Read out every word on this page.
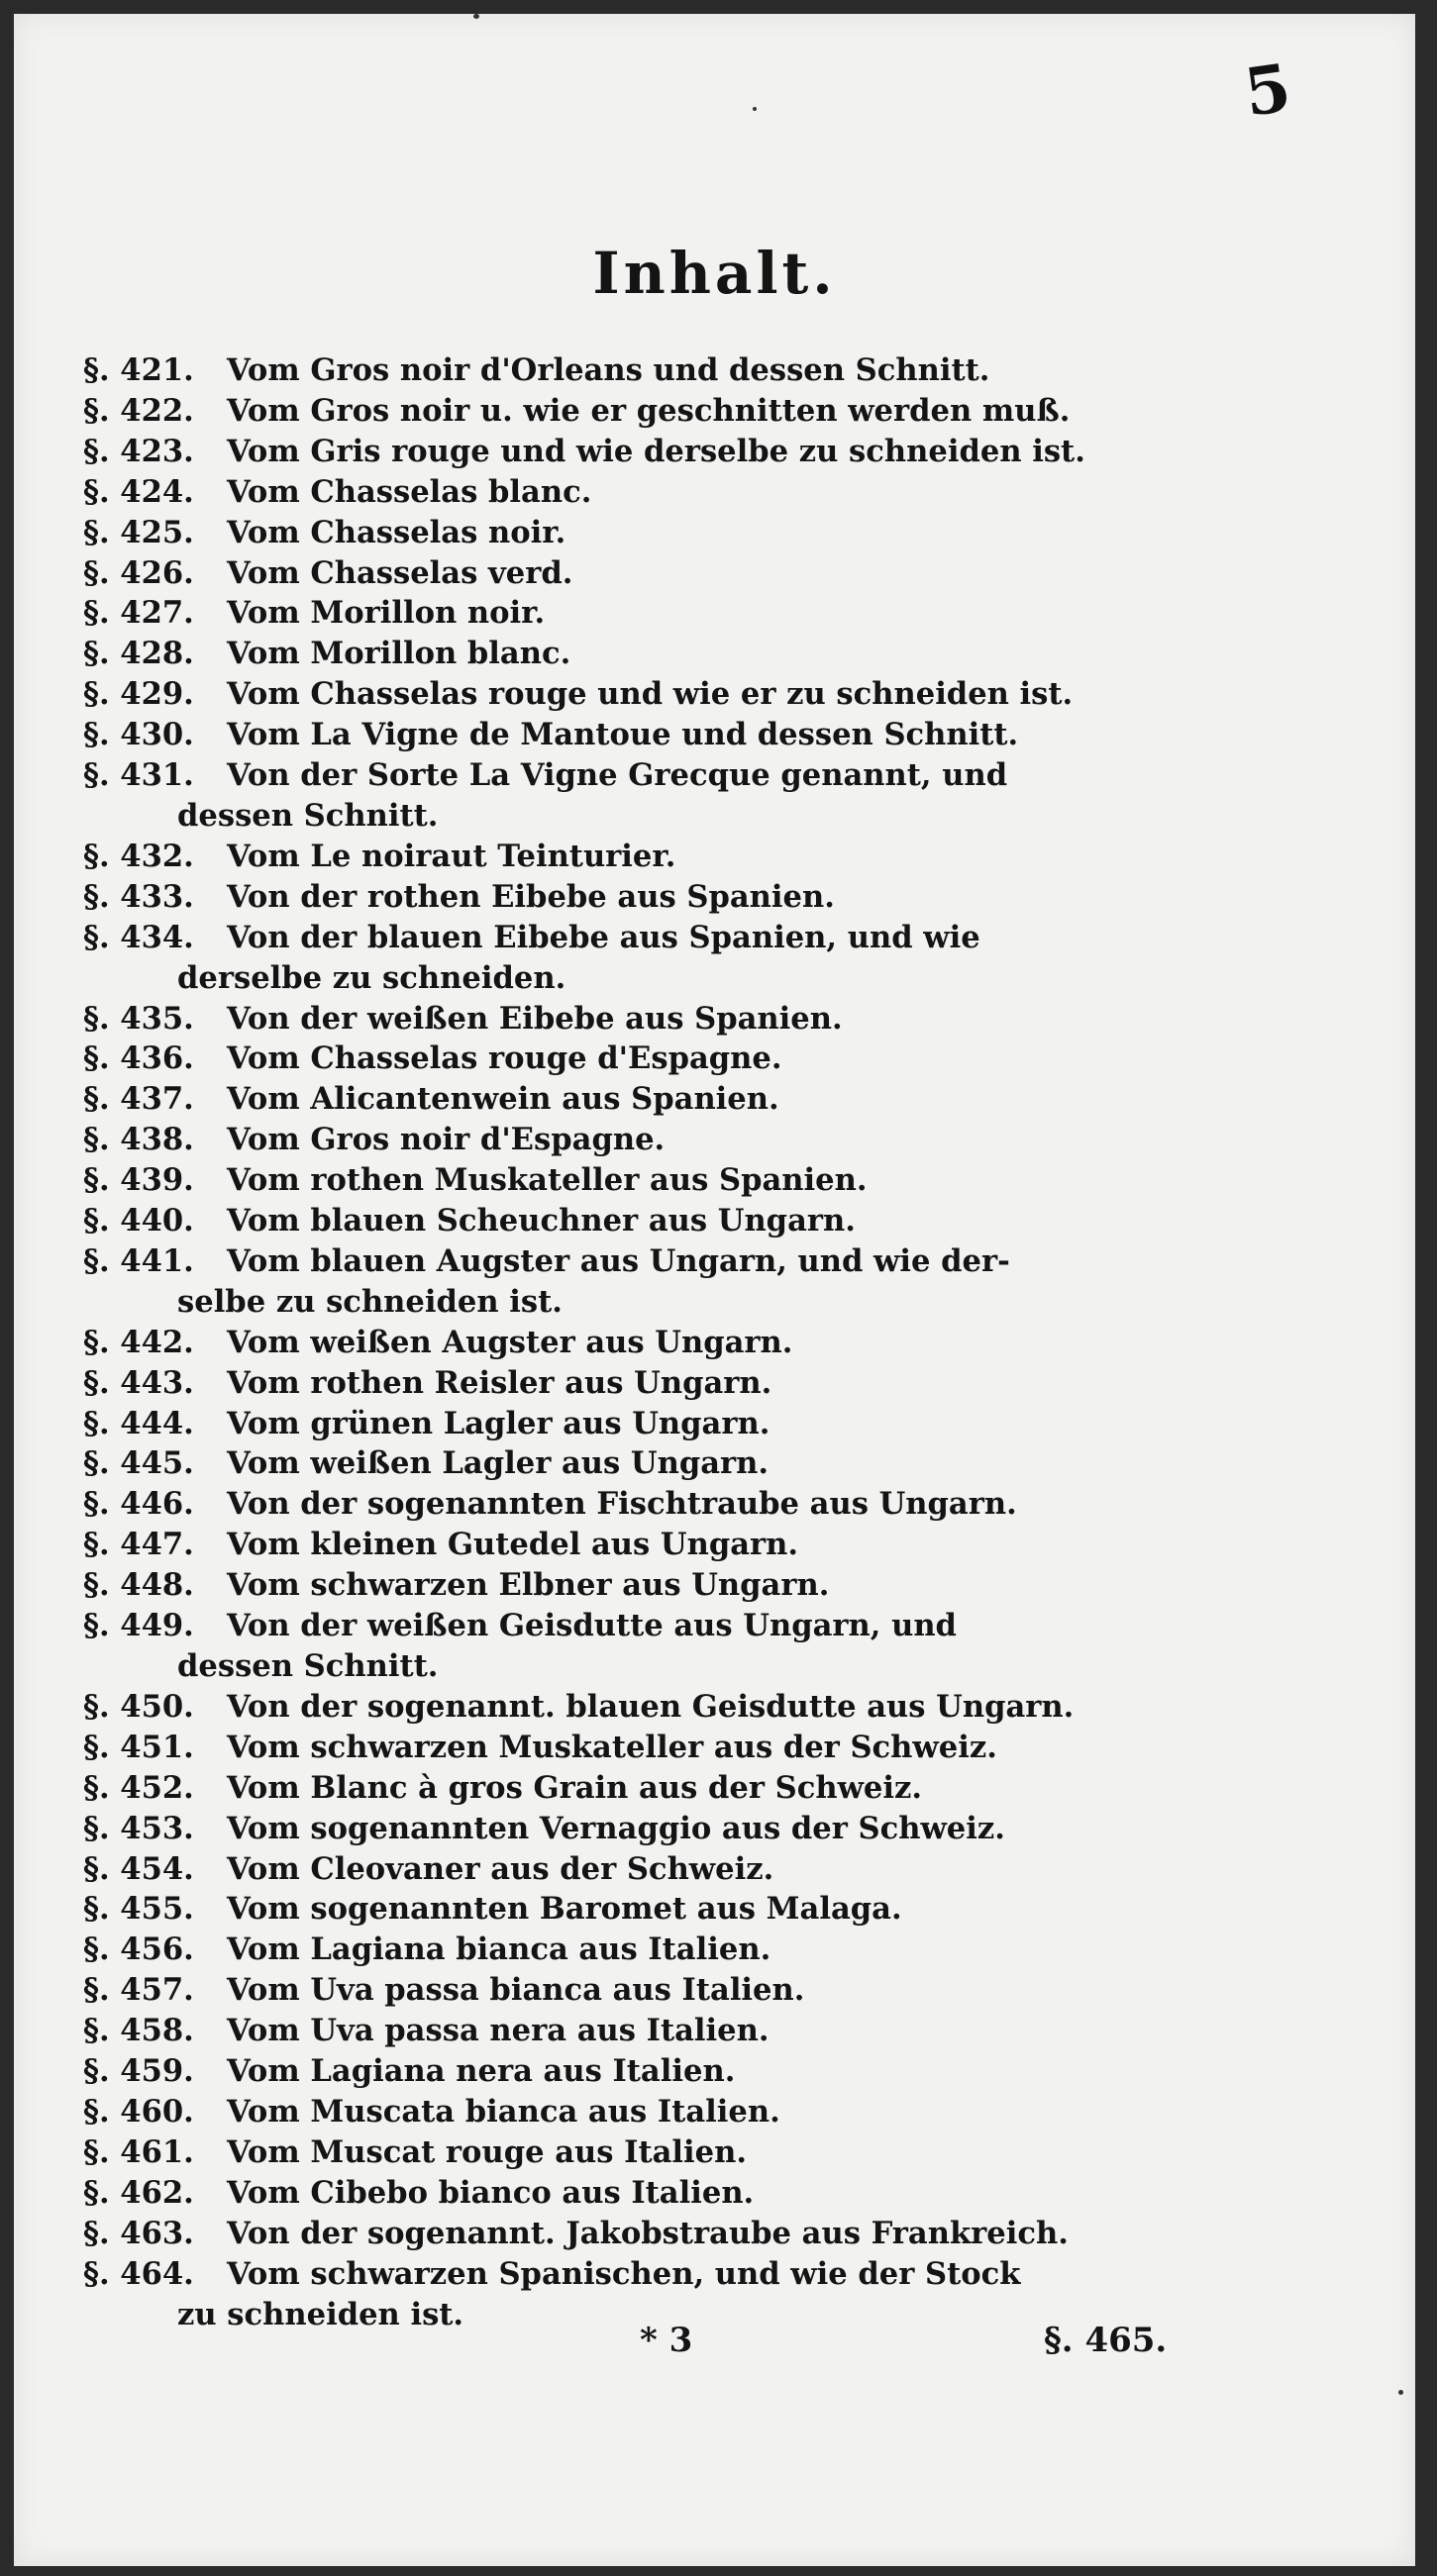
5
Inhalt.
§. 421.	Vom Gros noir d'Orleans und dessen Schnitt.
§. 422.	Vom Gros noir u. wie er geschnitten werden muß.
§. 423.	Vom Gris rouge und wie derselbe zu schneiden ist.
§. 424.	Vom Chasselas blanc.
§. 425.	Vom Chasselas noir.
§. 426.	Vom Chasselas verd.
§. 427.	Vom Morillon noir.
§. 428.	Vom Morillon blanc.
§. 429.	Vom Chasselas rouge und wie er zu schneiden ist.
§. 430.	Vom La Vigne de Mantoue und dessen Schnitt.
§. 431.	Von der Sorte La Vigne Grecque genannt, und
dessen Schnitt.
§. 432.	Vom Le noiraut Teinturier.
§. 433.	Von der rothen Eibebe aus Spanien.
§. 434.	Von der blauen Eibebe aus Spanien, und wie
derselbe zu schneiden.
§. 435.	Von der weißen Eibebe aus Spanien.
§. 436.	Vom Chasselas rouge d'Espagne.
§. 437.	Vom Alicantenwein aus Spanien.
§. 438.	Vom Gros noir d'Espagne.
§. 439.	Vom rothen Muskateller aus Spanien.
§. 440.	Vom blauen Scheuchner aus Ungarn.
§. 441.	Vom blauen Augster aus Ungarn, und wie der-
selbe zu schneiden ist.
§. 442.	Vom weißen Augster aus Ungarn.
§. 443.	Vom rothen Reisler aus Ungarn.
§. 444.	Vom grünen Lagler aus Ungarn.
§. 445.	Vom weißen Lagler aus Ungarn.
§. 446.	Von der sogenannten Fischtraube aus Ungarn.
§. 447.	Vom kleinen Gutedel aus Ungarn.
§. 448.	Vom schwarzen Elbner aus Ungarn.
§. 449.	Von der weißen Geisdutte aus Ungarn, und
dessen Schnitt.
§. 450.	Von der sogenannt. blauen Geisdutte aus Ungarn.
§. 451.	Vom schwarzen Muskateller aus der Schweiz.
§. 452.	Vom Blanc à gros Grain aus der Schweiz.
§. 453.	Vom sogenannten Vernaggio aus der Schweiz.
§. 454.	Vom Cleovaner aus der Schweiz.
§. 455.	Vom sogenannten Baromet aus Malaga.
§. 456.	Vom Lagiana bianca aus Italien.
§. 457.	Vom Uva passa bianca aus Italien.
§. 458.	Vom Uva passa nera aus Italien.
§. 459.	Vom Lagiana nera aus Italien.
§. 460.	Vom Muscata bianca aus Italien.
§. 461.	Vom Muscat rouge aus Italien.
§. 462.	Vom Cibebo bianco aus Italien.
§. 463.	Von der sogenannt. Jakobstraube aus Frankreich.
§. 464.	Vom schwarzen Spanischen, und wie der Stock
zu schneiden ist.
* 3	§. 465.
